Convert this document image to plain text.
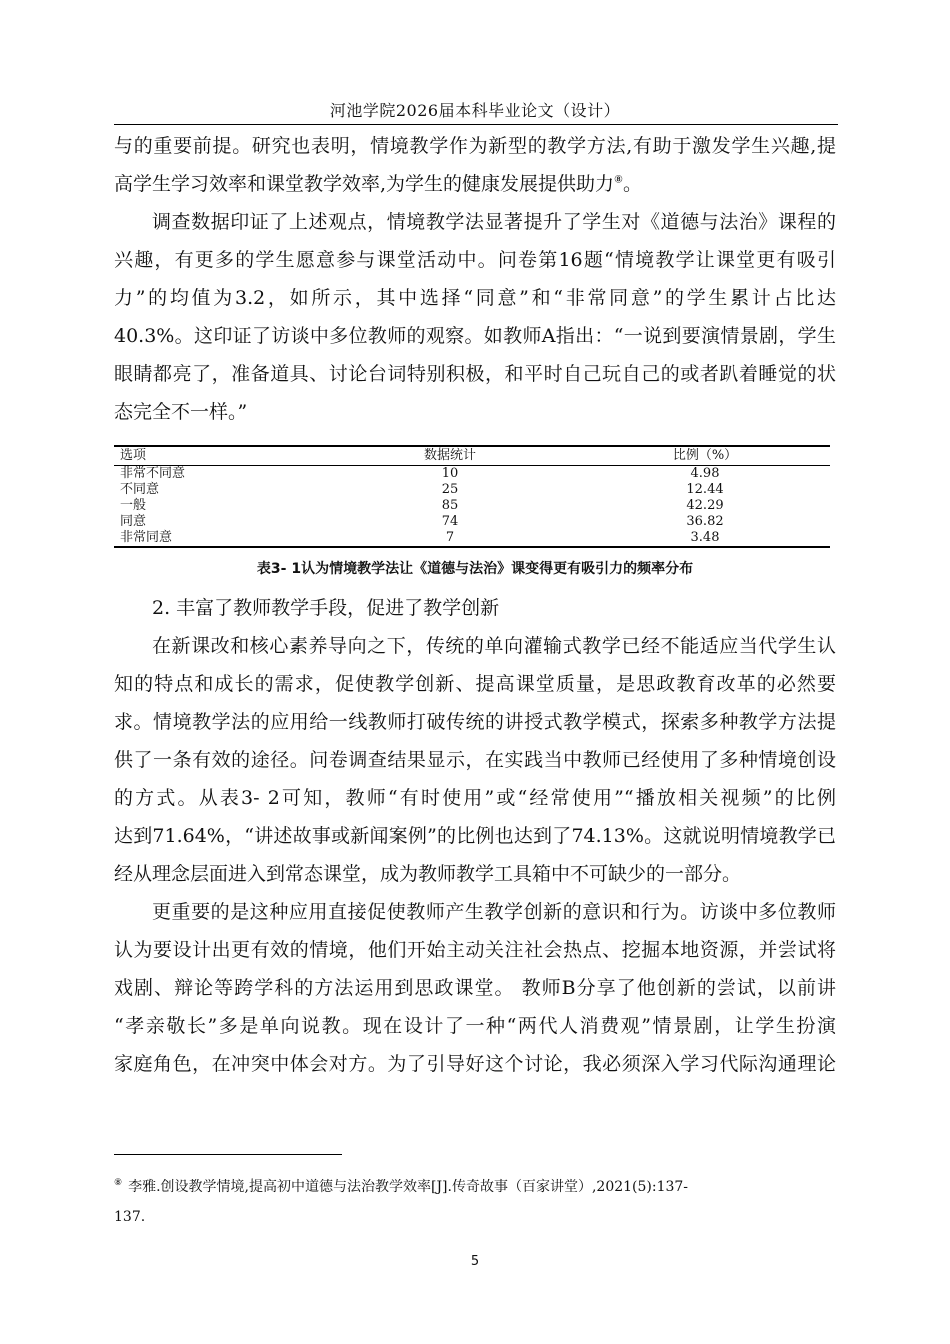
河池学院2026届本科毕业论文（设计）
与的重要前提。研究也表明，情境教学作为新型的教学方法,有助于激发学生兴趣,提
高学生学习效率和课堂教学效率,为学生的健康发展提供助力⑧。
调查数据印证了上述观点，情境教学法显著提升了学生对《道德与法治》课程的
兴趣，有更多的学生愿意参与课堂活动中。问卷第16题“情境教学让课堂更有吸引
力”的均值为3.2，如所示，其中选择“同意”和“非常同意”的学生累计占比达
40.3%。这印证了访谈中多位教师的观察。如教师A指出：“一说到要演情景剧，学生
眼睛都亮了，准备道具、讨论台词特别积极，和平时自己玩自己的或者趴着睡觉的状
态完全不一样。”
选项	数据统计	比例（%）
非常不同意	10	4.98
不同意	25	12.44
一般	85	42.29
同意	74	36.82
非常同意	7	3.48
表3- 1认为情境教学法让《道德与法治》课变得更有吸引力的频率分布
2. 丰富了教师教学手段，促进了教学创新
在新课改和核心素养导向之下，传统的单向灌输式教学已经不能适应当代学生认
知的特点和成长的需求，促使教学创新、提高课堂质量，是思政教育改革的必然要
求。情境教学法的应用给一线教师打破传统的讲授式教学模式，探索多种教学方法提
供了一条有效的途径。问卷调查结果显示，在实践当中教师已经使用了多种情境创设
的方式。从表3- 2可知，教师“有时使用”或“经常使用”“播放相关视频”的比例
达到71.64%，“讲述故事或新闻案例”的比例也达到了74.13%。这就说明情境教学已
经从理念层面进入到常态课堂，成为教师教学工具箱中不可缺少的一部分。
更重要的是这种应用直接促使教师产生教学创新的意识和行为。访谈中多位教师
认为要设计出更有效的情境，他们开始主动关注社会热点、挖掘本地资源，并尝试将
戏剧、辩论等跨学科的方法运用到思政课堂。 教师B分享了他创新的尝试，以前讲
“孝亲敬长”多是单向说教。现在设计了一种“两代人消费观”情景剧，让学生扮演
家庭角色，在冲突中体会对方。为了引导好这个讨论，我必须深入学习代际沟通理论
⑧ 李雅.创设教学情境,提高初中道德与法治教学效率[J].传奇故事（百家讲堂）,2021(5):137-
137.
5
